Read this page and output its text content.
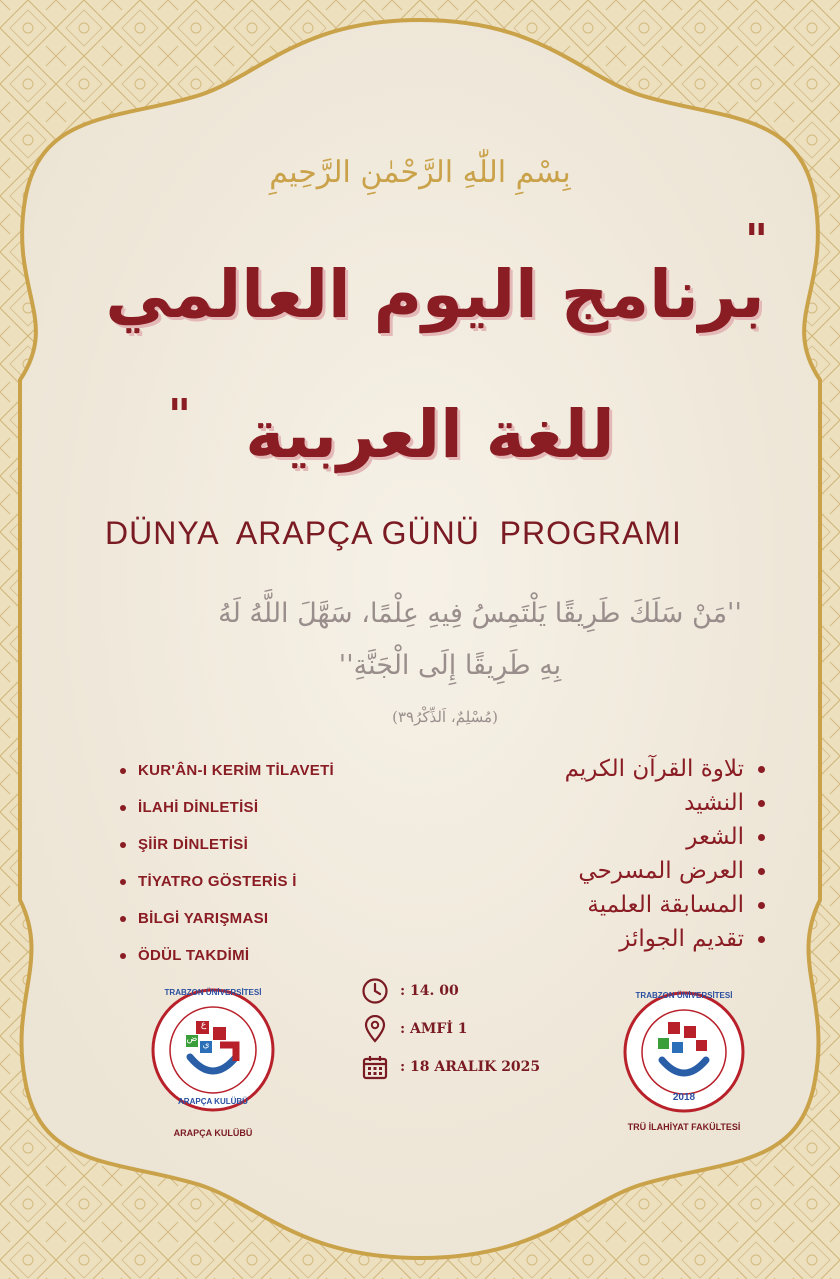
بِسْمِ اللّٰهِ الرَّحْمٰنِ الرَّحِيمِ
"
برنامج اليوم العالمي
" للغة العربية
DÜNYA  ARAPÇA GÜNÜ  PROGRAMI
''مَنْ سَلَكَ طَرِيقًا يَلْتَمِسُ فِيهِ عِلْمًا، سَهَّلَ اللَّهُ لَهُ
بِهِ طَرِيقًا إِلَى الْجَنَّةِ''
(مُسْلِمٌ، اَلذِّكْرُ٣٩)
KUR'ÂN-I KERİM TİLAVETİ
İLAHİ DİNLETİSİ
ŞİİR DİNLETİSİ
TİYATRO GÖSTERİS İ
BİLGİ YARIŞMASI
ÖDÜL TAKDİMİ
تلاوة القرآن الكريم
النشيد
الشعر
العرض المسرحي
المسابقة العلمية
تقديم الجوائز
: 14. 00
: AMFİ 1
: 18 ARALIK 2025
TRABZON ÜNİVERSİTESİ
ARAPÇA KULÜBÜ
ع
ض
ي
ARAPÇA KULÜBÜ
TRABZON ÜNİVERSİTESİ
2018
TRÜ İLAHİYAT FAKÜLTESİ
